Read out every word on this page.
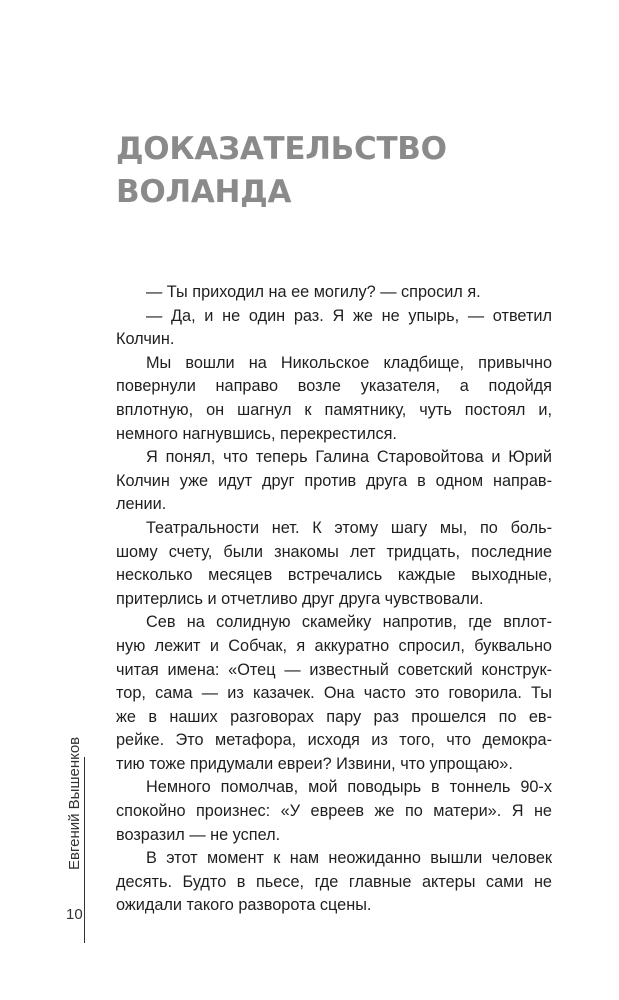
ДОКАЗАТЕЛЬСТВО
ВОЛАНДА
— Ты приходил на ее могилу? — спросил я.
— Да, и не один раз. Я же не упырь, — ответил
Колчин.
Мы вошли на Никольское кладбище, привычно
повернули направо возле указателя, а подойдя
вплотную, он шагнул к памятнику, чуть постоял и,
немного нагнувшись, перекрестился.
Я понял, что теперь Галина Старовойтова и Юрий
Колчин уже идут друг против друга в одном направ-
лении.
Театральности нет. К этому шагу мы, по боль-
шому счету, были знакомы лет тридцать, последние
несколько месяцев встречались каждые выходные,
притерлись и отчетливо друг друга чувствовали.
Сев на солидную скамейку напротив, где вплот-
ную лежит и Собчак, я аккуратно спросил, буквально
читая имена: «Отец — известный советский конструк-
тор, сама — из казачек. Она часто это говорила. Ты
же в наших разговорах пару раз прошелся по ев-
рейке. Это метафора, исходя из того, что демокра-
тию тоже придумали евреи? Извини, что упрощаю».
Немного помолчав, мой поводырь в тоннель 90-х
спокойно произнес: «У евреев же по матери». Я не
возразил — не успел.
В этот момент к нам неожиданно вышли человек
десять. Будто в пьесе, где главные актеры сами не
ожидали такого разворота сцены.
Евгений Вышенков
10
